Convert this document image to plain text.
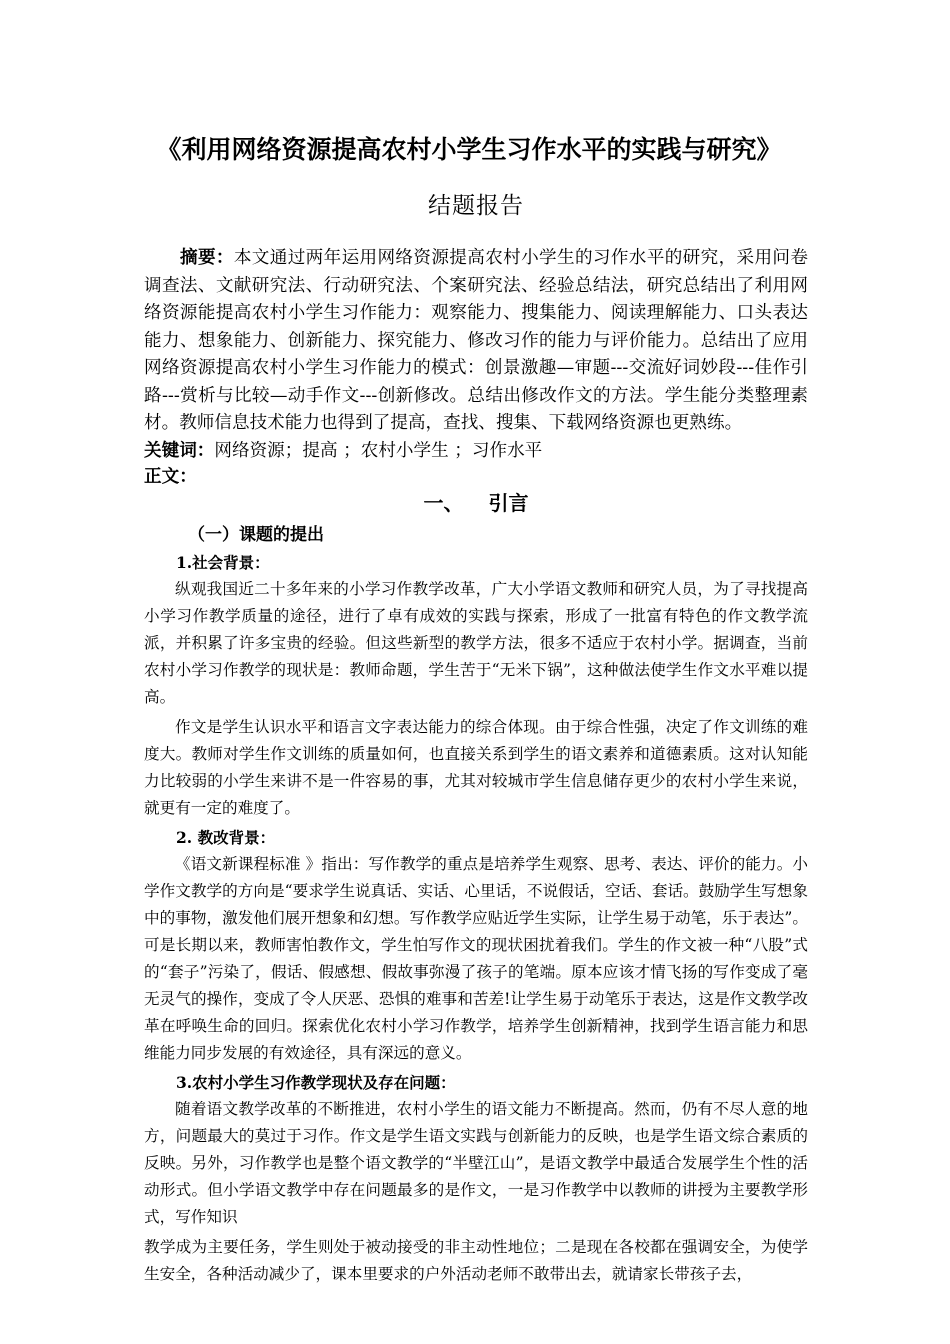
《利用网络资源提高农村小学生习作水平的实践与研究》
结题报告

摘要：本文通过两年运用网络资源提高农村小学生的习作水平的研究，采用问卷调查法、文献研究法、行动研究法、个案研究法、经验总结法，研究总结出了利用网络资源能提高农村小学生习作能力：观察能力、搜集能力、阅读理解能力、口头表达能力、想象能力、创新能力、探究能力、修改习作的能力与评价能力。总结出了应用网络资源提高农村小学生习作能力的模式：创景激趣—审题---交流好词妙段---佳作引路---赏析与比较—动手作文---创新修改。总结出修改作文的方法。学生能分类整理素材。教师信息技术能力也得到了提高，查找、搜集、下载网络资源也更熟练。

关键词：网络资源；提高 ；农村小学生 ；习作水平

正文：

一、 引言
（一）课题的提出
1.社会背景：

纵观我国近二十多年来的小学习作教学改革，广大小学语文教师和研究人员，为了寻找提高小学习作教学质量的途径，进行了卓有成效的实践与探索，形成了一批富有特色的作文教学流派，并积累了许多宝贵的经验。但这些新型的教学方法，很多不适应于农村小学。据调查，当前农村小学习作教学的现状是：教师命题，学生苦于“无米下锅”，这种做法使学生作文水平难以提高。

作文是学生认识水平和语言文字表达能力的综合体现。由于综合性强，决定了作文训练的难度大。教师对学生作文训练的质量如何，也直接关系到学生的语文素养和道德素质。这对认知能力比较弱的小学生来讲不是一件容易的事，尤其对较城市学生信息储存更少的农村小学生来说，就更有一定的难度了。

2. 教改背景：

《语文新课程标准 》指出：写作教学的重点是培养学生观察、思考、表达、评价的能力。小学作文教学的方向是“要求学生说真话、实话、心里话，不说假话，空话、套话。鼓励学生写想象中的事物，激发他们展开想象和幻想。写作教学应贴近学生实际，让学生易于动笔，乐于表达”。可是长期以来，教师害怕教作文，学生怕写作文的现状困扰着我们。学生的作文被一种“八股”式的“套子”污染了，假话、假感想、假故事弥漫了孩子的笔端。原本应该才情飞扬的写作变成了毫无灵气的操作，变成了令人厌恶、恐惧的难事和苦差!让学生易于动笔乐于表达，这是作文教学改革在呼唤生命的回归。探索优化农村小学习作教学，培养学生创新精神，找到学生语言能力和思维能力同步发展的有效途径，具有深远的意义。

3.农村小学生习作教学现状及存在问题：

随着语文教学改革的不断推进，农村小学生的语文能力不断提高。然而，仍有不尽人意的地方，问题最大的莫过于习作。作文是学生语文实践与创新能力的反映，也是学生语文综合素质的反映。另外，习作教学也是整个语文教学的“半壁江山”，是语文教学中最适合发展学生个性的活动形式。但小学语文教学中存在问题最多的是作文，一是习作教学中以教师的讲授为主要教学形式，写作知识

教学成为主要任务，学生则处于被动接受的非主动性地位；二是现在各校都在强调安全，为使学生安全，各种活动减少了，课本里要求的户外活动老师不敢带出去，就请家长带孩子去，
